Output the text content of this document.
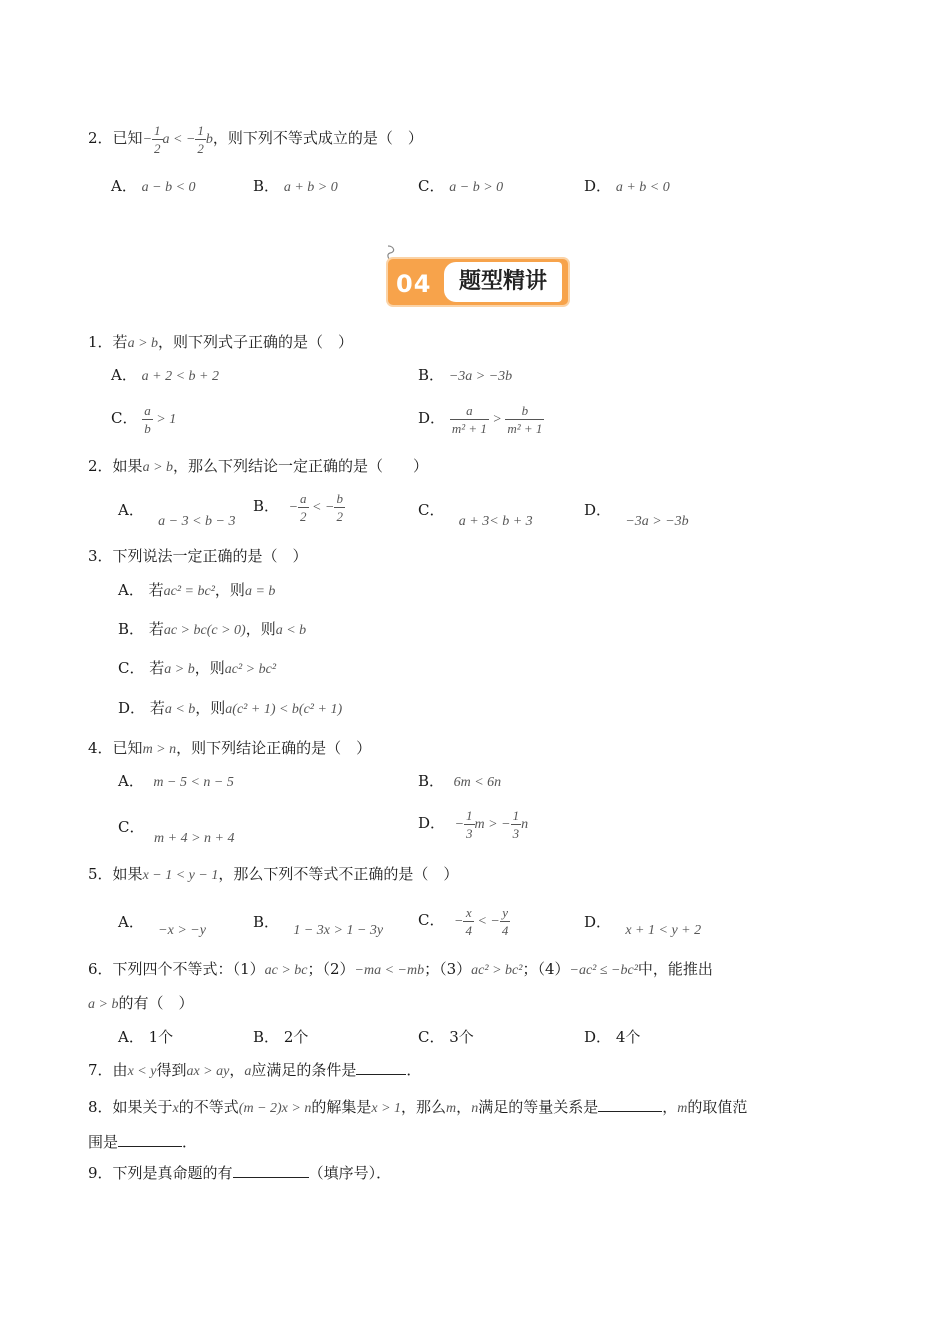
2．已知− $\frac{1}{2}$ a < − $\frac{1}{2}$ b，则下列不等式成立的是（　）
A． a − b < 0	B． a + b > 0	C． a − b > 0	D． a + b < 0
04	题型精讲
1．若a > b，则下列式子正确的是（　）
A． a + 2 < b + 2	B． −3a > −3b
C． $\frac{a}{b} > 1$	D． $\frac{a}{\text{m² + 1}} > \frac{b}{\text{m² + 1}}$
2．如果a > b，那么下列结论一定正确的是（　　）
A．   a − 3 < b − 3
B． − $\frac{a}{2}$ < − $\frac{b}{2}$	C．   a + 3< b + 3
D．   −3a > −3b
3．下列说法一定正确的是（　）
A． 若ac² = bc²，则a = b
B． 若ac > bc(c > 0)，则a < b
C． 若a > b，则ac² > bc²
D． 若a < b，则a(c² + 1) < b(c² + 1)
4．已知m > n，则下列结论正确的是（　）
A． m − 5 < n − 5	B． 6m < 6n
C．  m + 4 > n + 4
D． − $\frac{1}{3}$ m > − $\frac{1}{3}$ n
5．如果x − 1 < y − 1，那么下列不等式不正确的是（　）
A． −x > −y	B． 1 − 3x > 1 − 3y
C． − $\frac{x}{4}$ < − $\frac{y}{4}$	D． x + 1 < y + 2
6．下列四个不等式：（1）ac > bc；（2）−ma < −mb；（3）ac² > bc²；（4）−ac² ≤ −bc²中，能推出
a > b的有（　）
A． 1个	B． 2个	C． 3个	D． 4个
7．由x < y得到ax > ay，a应满足的条件是	．
8．如果关于x的不等式(m − 2)x > n的解集是x > 1，那么m，n满足的等量关系是	，m的取值范
围是	．
9．下列是真命题的有	（填序号）．
